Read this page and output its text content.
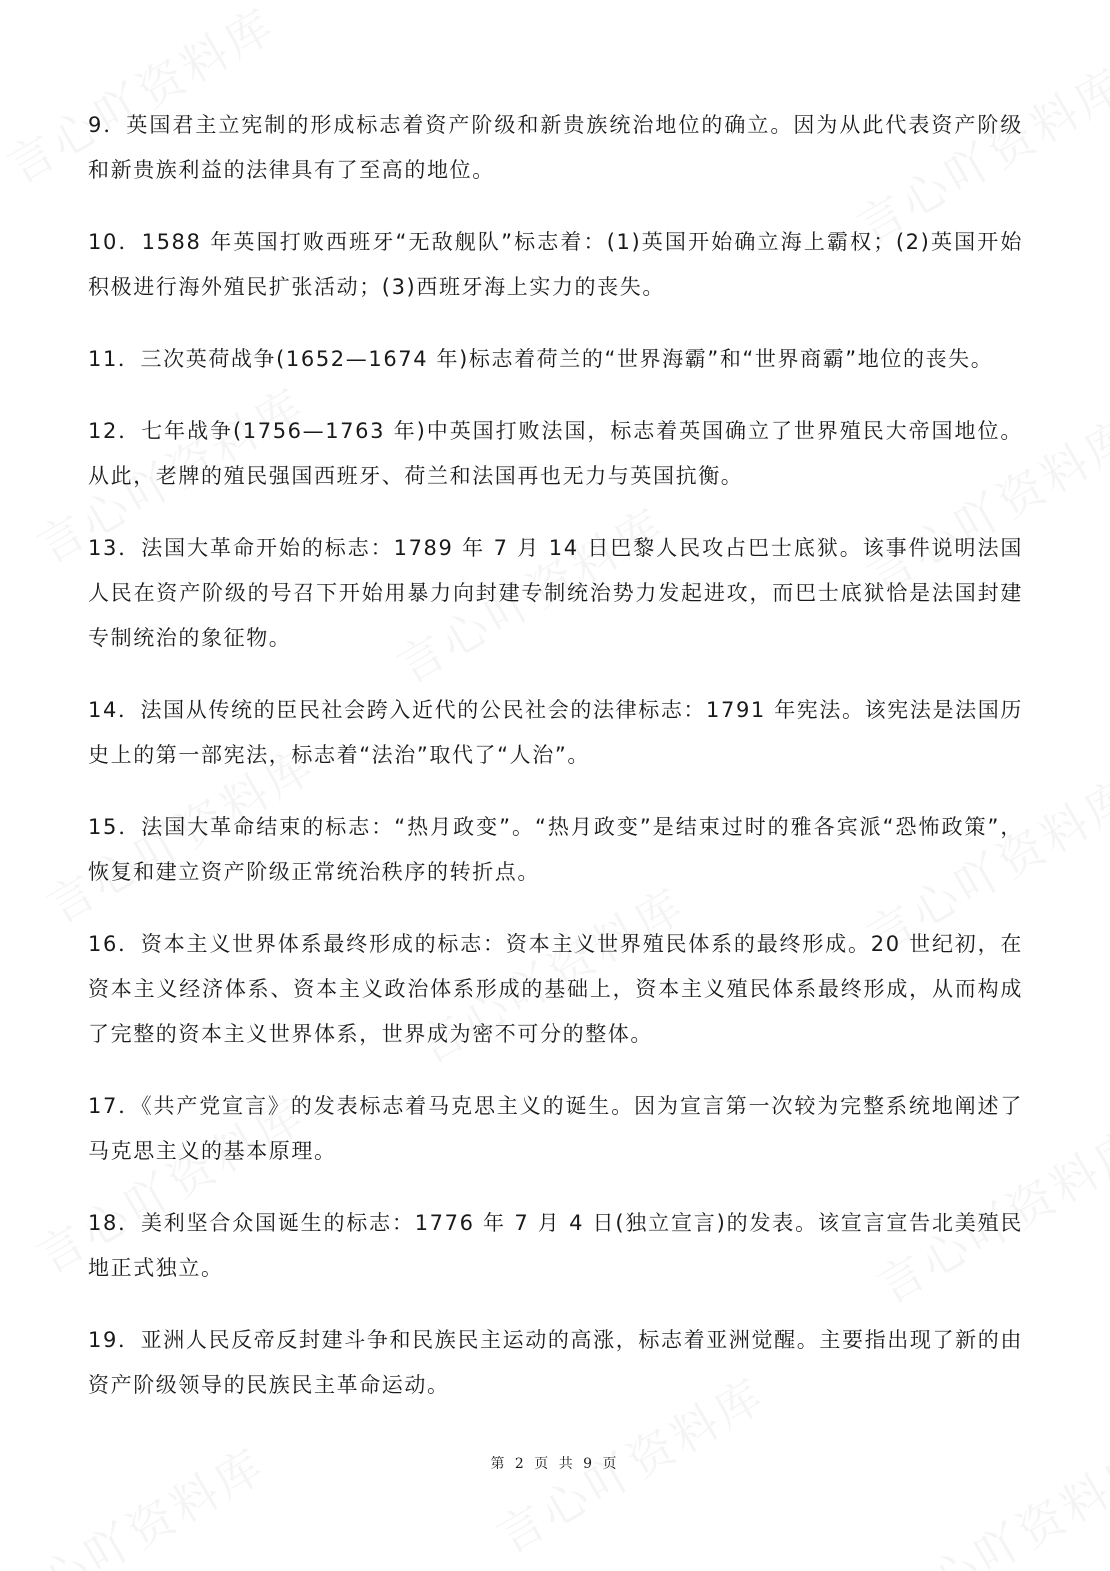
9．英国君主立宪制的形成标志着资产阶级和新贵族统治地位的确立。因为从此代表资产阶级和新贵族利益的法律具有了至高的地位。

10．1588 年英国打败西班牙“无敌舰队”标志着：(1)英国开始确立海上霸权；(2)英国开始积极进行海外殖民扩张活动；(3)西班牙海上实力的丧失。

11．三次英荷战争(1652—1674 年)标志着荷兰的“世界海霸”和“世界商霸”地位的丧失。

12．七年战争(1756—1763 年)中英国打败法国，标志着英国确立了世界殖民大帝国地位。从此，老牌的殖民强国西班牙、荷兰和法国再也无力与英国抗衡。

13．法国大革命开始的标志：1789 年 7 月 14 日巴黎人民攻占巴士底狱。该事件说明法国人民在资产阶级的号召下开始用暴力向封建专制统治势力发起进攻，而巴士底狱恰是法国封建专制统治的象征物。

14．法国从传统的臣民社会跨入近代的公民社会的法律标志：1791 年宪法。该宪法是法国历史上的第一部宪法，标志着“法治”取代了“人治”。

15．法国大革命结束的标志：“热月政变”。“热月政变”是结束过时的雅各宾派“恐怖政策”，恢复和建立资产阶级正常统治秩序的转折点。

16．资本主义世界体系最终形成的标志：资本主义世界殖民体系的最终形成。20 世纪初，在资本主义经济体系、资本主义政治体系形成的基础上，资本主义殖民体系最终形成，从而构成了完整的资本主义世界体系，世界成为密不可分的整体。

17．《共产党宣言》的发表标志着马克思主义的诞生。因为宣言第一次较为完整系统地阐述了马克思主义的基本原理。

18．美利坚合众国诞生的标志：1776 年 7 月 4 日(独立宣言)的发表。该宣言宣告北美殖民地正式独立。

19．亚洲人民反帝反封建斗争和民族民主运动的高涨，标志着亚洲觉醒。主要指出现了新的由资产阶级领导的民族民主革命运动。

第 2 页 共 9 页
